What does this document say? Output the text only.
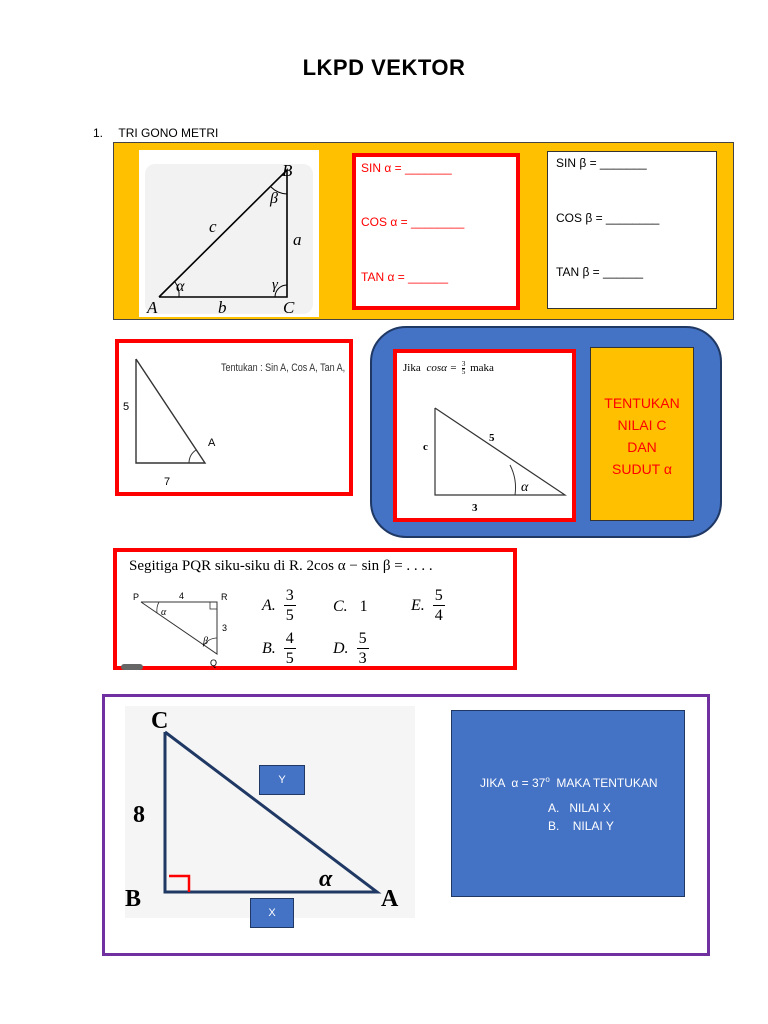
LKPD VEKTOR
1. TRI GONO METRI
A
B
C
a
b
c
α
β
γ
SIN α = _______
COS α = ________
TAN α = ______
SIN β = _______
COS β = ________
TAN β = ______
5
7
A
Tentukan : Sin A, Cos A, Tan A,	Jika $\cos\alpha = \frac{3}{5}$ maka
c
5
3
α
TENTUKAN
NILAI C
DAN
SUDUT α
Segitiga PQR siku-siku di R. 2cos α − sin β = . . . .
P	R
Q
4
3
α
β
A. $\frac{3}{5}$
B. $\frac{4}{5}$
C. 1
D. $\frac{5}{3}$
E. $\frac{5}{4}$
C
B	A
8
α
Y
X
JIKA  $\alpha = 37^o$  MAKA TENTUKAN
A. NILAI X
B. NILAI Y
